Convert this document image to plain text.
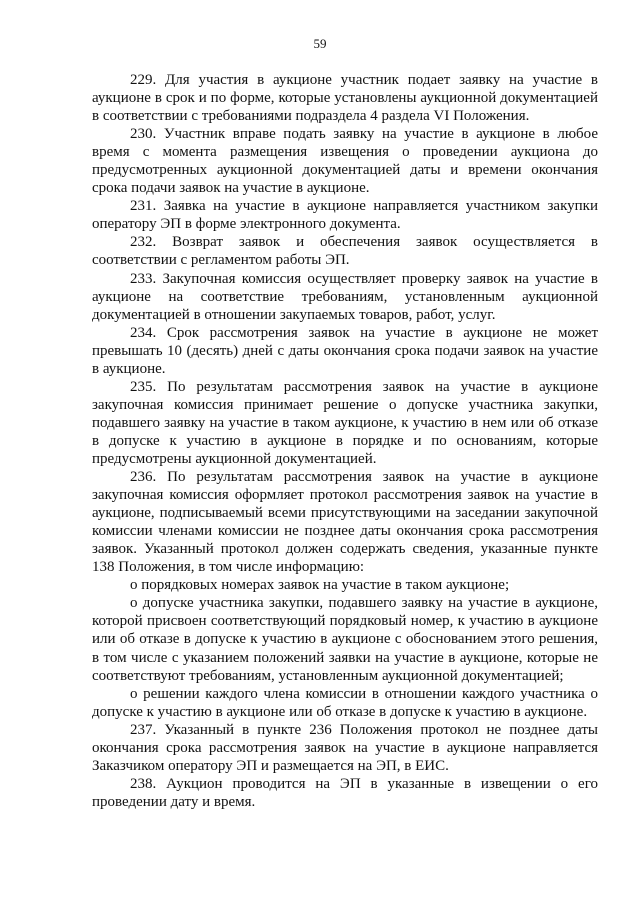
59

229. Для участия в аукционе участник подает заявку на участие в аукционе в срок и по форме, которые установлены аукционной документацией в соответствии с требованиями подраздела 4 раздела VI Положения.

230. Участник вправе подать заявку на участие в аукционе в любое время с момента размещения извещения о проведении аукциона до предусмотренных аукционной документацией даты и времени окончания срока подачи заявок на участие в аукционе.

231. Заявка на участие в аукционе направляется участником закупки оператору ЭП в форме электронного документа.

232. Возврат заявок и обеспечения заявок осуществляется в соответствии с регламентом работы ЭП.

233. Закупочная комиссия осуществляет проверку заявок на участие в аукционе на соответствие требованиям, установленным аукционной документацией в отношении закупаемых товаров, работ, услуг.

234. Срок рассмотрения заявок на участие в аукционе не может превышать 10 (десять) дней с даты окончания срока подачи заявок на участие в аукционе.

235. По результатам рассмотрения заявок на участие в аукционе закупочная комиссия принимает решение о допуске участника закупки, подавшего заявку на участие в таком аукционе, к участию в нем или об отказе в допуске к участию в аукционе в порядке и по основаниям, которые предусмотрены аукционной документацией.

236. По результатам рассмотрения заявок на участие в аукционе закупочная комиссия оформляет протокол рассмотрения заявок на участие в аукционе, подписываемый всеми присутствующими на заседании закупочной комиссии членами комиссии не позднее даты окончания срока рассмотрения заявок. Указанный протокол должен содержать сведения, указанные пункте 138 Положения, в том числе информацию:

о порядковых номерах заявок на участие в таком аукционе;

о допуске участника закупки, подавшего заявку на участие в аукционе, которой присвоен соответствующий порядковый номер, к участию в аукционе или об отказе в допуске к участию в аукционе с обоснованием этого решения, в том числе с указанием положений заявки на участие в аукционе, которые не соответствуют требованиям, установленным аукционной документацией;

о решении каждого члена комиссии в отношении каждого участника о допуске к участию в аукционе или об отказе в допуске к участию в аукционе.

237. Указанный в пункте 236 Положения протокол не позднее даты окончания срока рассмотрения заявок на участие в аукционе направляется Заказчиком оператору ЭП и размещается на ЭП, в ЕИС.

238. Аукцион проводится на ЭП в указанные в извещении о его проведении дату и время.
